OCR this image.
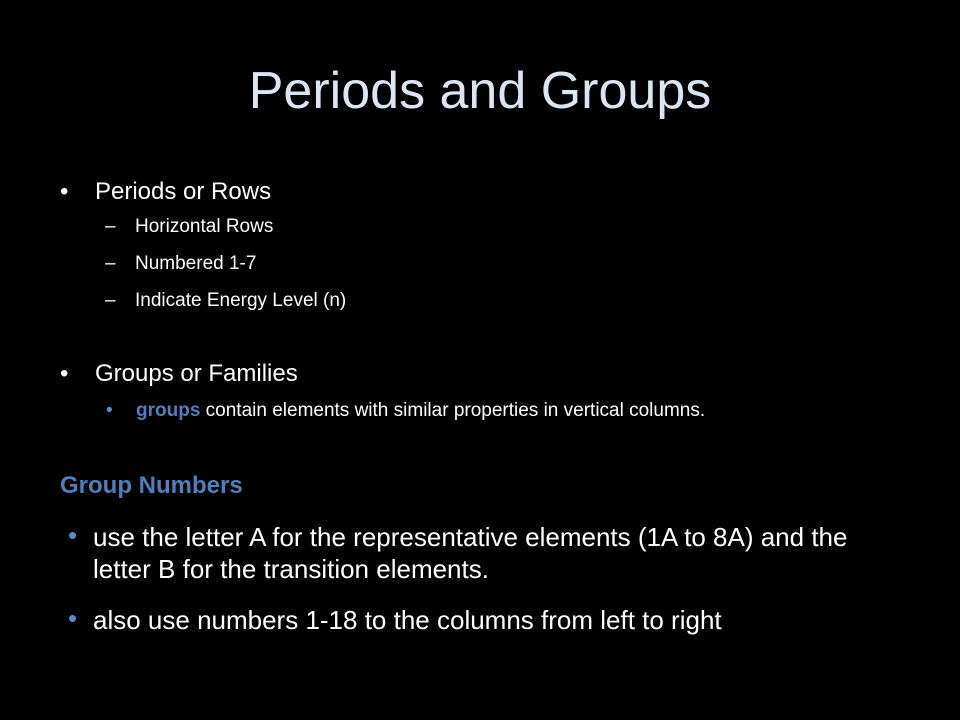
Periods and Groups
• Periods or Rows
– Horizontal Rows
– Numbered 1-7
– Indicate Energy Level (n)
• Groups or Families
• groups contain elements with similar properties in vertical columns.
Group Numbers
• use the letter A for the representative elements (1A to 8A) and the letter B for the transition elements.
• also use numbers 1-18 to the columns from left to right
